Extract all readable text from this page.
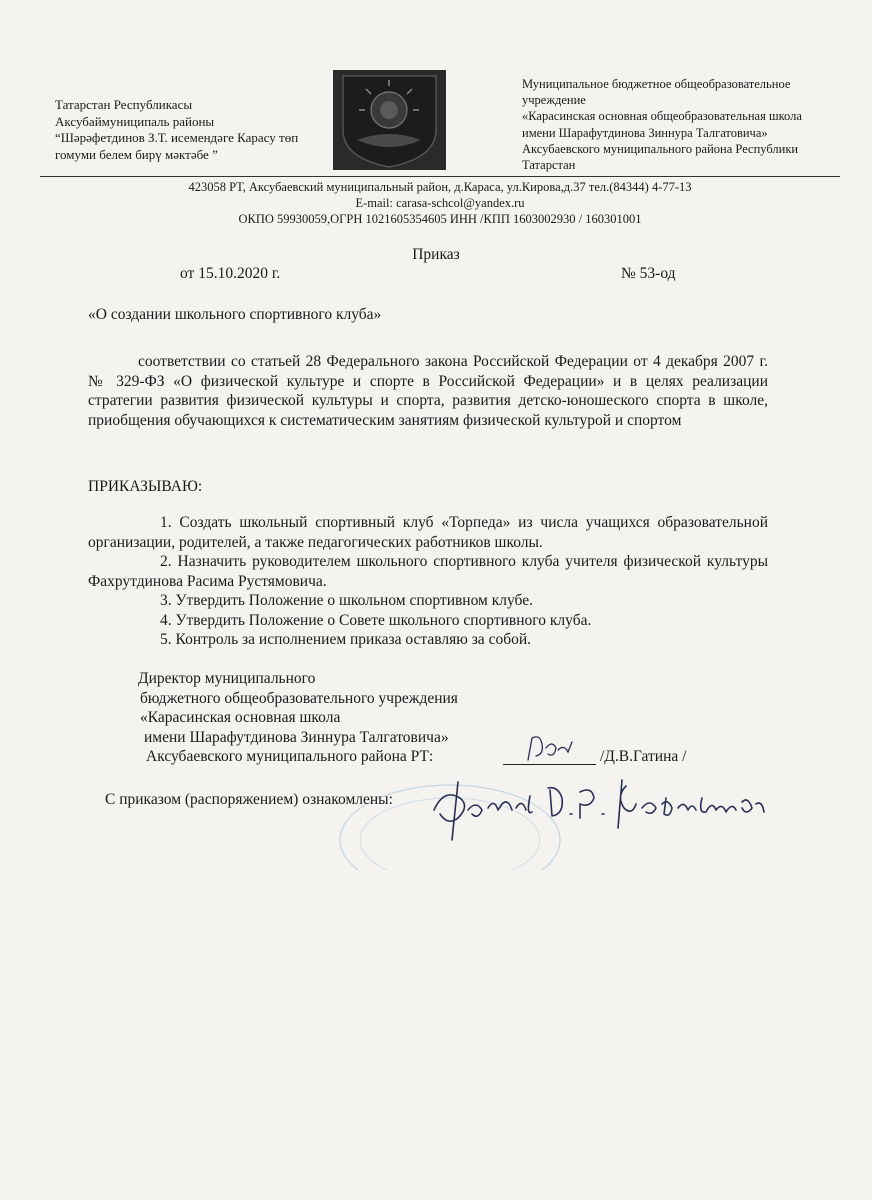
Татарстан Республикасы
Аксубаймуниципаль районы
“Шәрәфетдинов З.Т. исемендәге Карасу төп
гомуми белем бирү мәктәбе ”
Муниципальное бюджетное общеобразовательное
учреждение
«Карасинская основная общеобразовательная школа
имени Шарафутдинова Зиннура Талгатовича»
Аксубаевского муниципального района Республики
Татарстан
423058 РТ, Аксубаевский муниципальный район, д.Караса, ул.Кирова,д.37 тел.(84344) 4-77-13
E-mail: carasa-schcol@yandex.ru
ОКПО 59930059,ОГРН 1021605354605 ИНН /КПП 1603002930 / 160301001
Приказ
от 15.10.2020 г.	№ 53-од
«О создании школьного спортивного клуба»
соответствии со статьей 28 Федерального закона Российской Федерации от 4 декабря 2007 г. № 329-ФЗ «О физической культуре и спорте в Российской Федерации» и в целях реализации стратегии развития физической культуры и спорта, развития детско-юношеского спорта в школе, приобщения обучающихся к систематическим занятиям физической культурой и спортом
ПРИКАЗЫВАЮ:
1. Создать школьный спортивный клуб «Торпеда» из числа учащихся образовательной организации, родителей, а также педагогических работников школы.
2. Назначить руководителем школьного спортивного клуба учителя физической культуры Фахрутдинова Расима Рустямовича.
3. Утвердить Положение о школьном спортивном клубе.
4. Утвердить Положение о Совете школьного спортивного клуба.
5. Контроль за исполнением приказа оставляю за собой.
Директор муниципального
бюджетного общеобразовательного учреждения
«Карасинская основная школа
имени Шарафутдинова Зиннура Талгатовича»
Аксубаевского муниципального района РТ:	/Д.В.Гатина /
С приказом (распоряжением) ознакомлены:
